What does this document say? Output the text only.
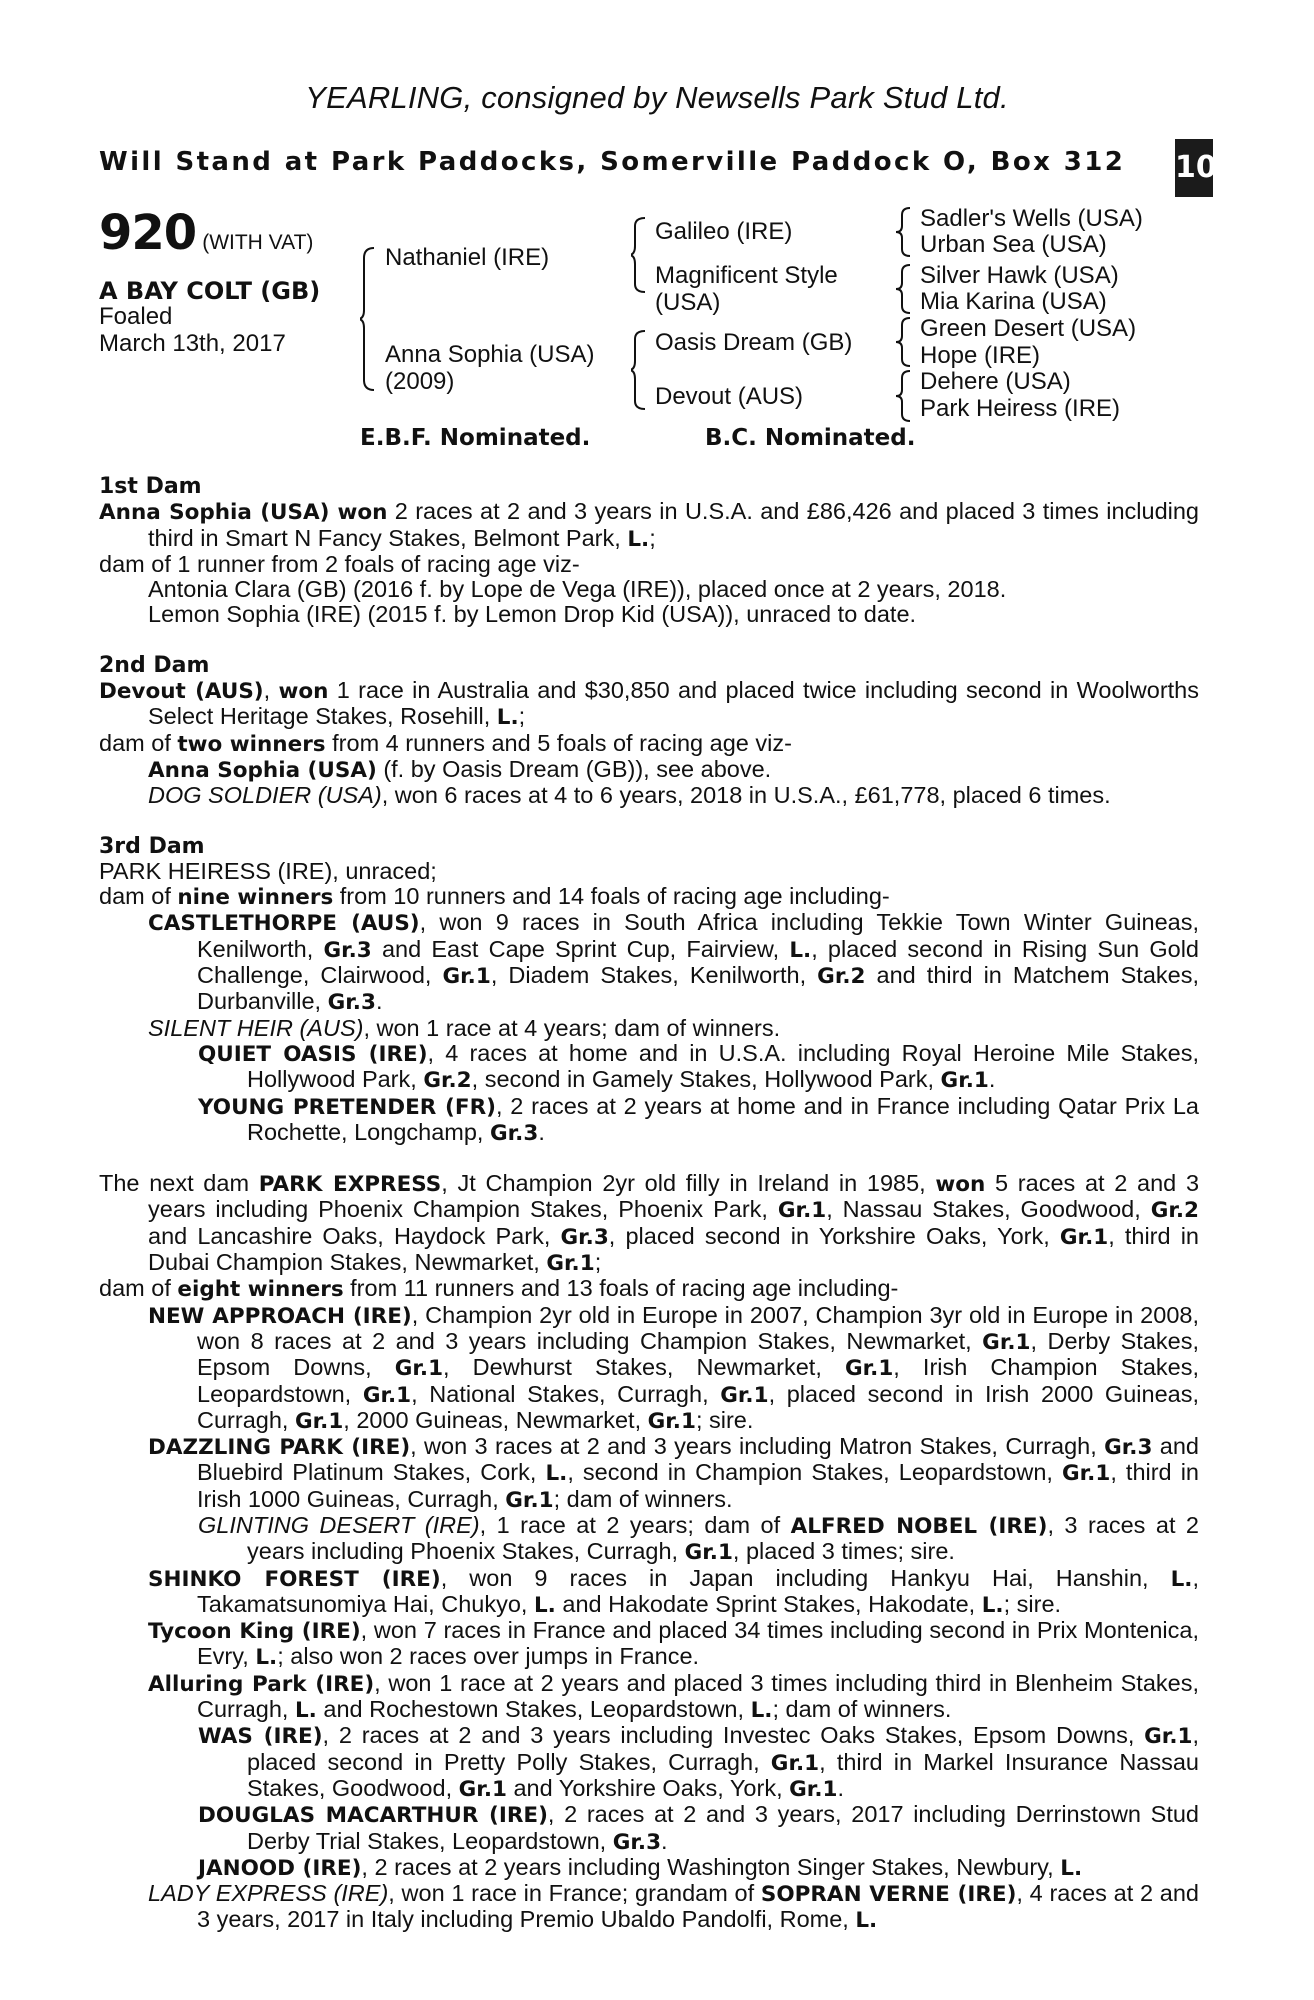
YEARLING, consigned by Newsells Park Stud Ltd.
Will Stand at Park Paddocks, Somerville Paddock O, Box 312
+
10
920 (WITH VAT)
A BAY COLT (GB)
Foaled
March 13th, 2017
Nathaniel (IRE)
Anna Sophia (USA)
(2009)
Galileo (IRE)
Magnificent Style
(USA)
Oasis Dream (GB)
Devout (AUS)
Sadler's Wells (USA)
Urban Sea (USA)
Silver Hawk (USA)
Mia Karina (USA)
Green Desert (USA)
Hope (IRE)
Dehere (USA)
Park Heiress (IRE)
E.B.F. Nominated.	B.C. Nominated.
1st Dam
Anna Sophia (USA) won 2 races at 2 and 3 years in U.S.A. and £86,426 and placed 3 times including third in Smart N Fancy Stakes, Belmont Park, L.;
dam of 1 runner from 2 foals of racing age viz-
Antonia Clara (GB) (2016 f. by Lope de Vega (IRE)), placed once at 2 years, 2018.
Lemon Sophia (IRE) (2015 f. by Lemon Drop Kid (USA)), unraced to date.
2nd Dam
Devout (AUS), won 1 race in Australia and $30,850 and placed twice including second in Woolworths Select Heritage Stakes, Rosehill, L.;
dam of two winners from 4 runners and 5 foals of racing age viz-
Anna Sophia (USA) (f. by Oasis Dream (GB)), see above.
DOG SOLDIER (USA), won 6 races at 4 to 6 years, 2018 in U.S.A., £61,778, placed 6 times.
3rd Dam
PARK HEIRESS (IRE), unraced;
dam of nine winners from 10 runners and 14 foals of racing age including-
CASTLETHORPE (AUS), won 9 races in South Africa including Tekkie Town Winter Guineas, Kenilworth, Gr.3 and East Cape Sprint Cup, Fairview, L., placed second in Rising Sun Gold Challenge, Clairwood, Gr.1, Diadem Stakes, Kenilworth, Gr.2 and third in Matchem Stakes, Durbanville, Gr.3.
SILENT HEIR (AUS), won 1 race at 4 years; dam of winners.
QUIET OASIS (IRE), 4 races at home and in U.S.A. including Royal Heroine Mile Stakes, Hollywood Park, Gr.2, second in Gamely Stakes, Hollywood Park, Gr.1.
YOUNG PRETENDER (FR), 2 races at 2 years at home and in France including Qatar Prix La Rochette, Longchamp, Gr.3.
The next dam PARK EXPRESS, Jt Champion 2yr old filly in Ireland in 1985, won 5 races at 2 and 3 years including Phoenix Champion Stakes, Phoenix Park, Gr.1, Nassau Stakes, Goodwood, Gr.2 and Lancashire Oaks, Haydock Park, Gr.3, placed second in Yorkshire Oaks, York, Gr.1, third in Dubai Champion Stakes, Newmarket, Gr.1;
dam of eight winners from 11 runners and 13 foals of racing age including-
NEW APPROACH (IRE), Champion 2yr old in Europe in 2007, Champion 3yr old in Europe in 2008, won 8 races at 2 and 3 years including Champion Stakes, Newmarket, Gr.1, Derby Stakes, Epsom Downs, Gr.1, Dewhurst Stakes, Newmarket, Gr.1, Irish Champion Stakes, Leopardstown, Gr.1, National Stakes, Curragh, Gr.1, placed second in Irish 2000 Guineas, Curragh, Gr.1, 2000 Guineas, Newmarket, Gr.1; sire.
DAZZLING PARK (IRE), won 3 races at 2 and 3 years including Matron Stakes, Curragh, Gr.3 and Bluebird Platinum Stakes, Cork, L., second in Champion Stakes, Leopardstown, Gr.1, third in Irish 1000 Guineas, Curragh, Gr.1; dam of winners.
GLINTING DESERT (IRE), 1 race at 2 years; dam of ALFRED NOBEL (IRE), 3 races at 2 years including Phoenix Stakes, Curragh, Gr.1, placed 3 times; sire.
SHINKO FOREST (IRE), won 9 races in Japan including Hankyu Hai, Hanshin, L., Takamatsunomiya Hai, Chukyo, L. and Hakodate Sprint Stakes, Hakodate, L.; sire.
Tycoon King (IRE), won 7 races in France and placed 34 times including second in Prix Montenica, Evry, L.; also won 2 races over jumps in France.
Alluring Park (IRE), won 1 race at 2 years and placed 3 times including third in Blenheim Stakes, Curragh, L. and Rochestown Stakes, Leopardstown, L.; dam of winners.
WAS (IRE), 2 races at 2 and 3 years including Investec Oaks Stakes, Epsom Downs, Gr.1, placed second in Pretty Polly Stakes, Curragh, Gr.1, third in Markel Insurance Nassau Stakes, Goodwood, Gr.1 and Yorkshire Oaks, York, Gr.1.
DOUGLAS MACARTHUR (IRE), 2 races at 2 and 3 years, 2017 including Derrinstown Stud Derby Trial Stakes, Leopardstown, Gr.3.
JANOOD (IRE), 2 races at 2 years including Washington Singer Stakes, Newbury, L.
LADY EXPRESS (IRE), won 1 race in France; grandam of SOPRAN VERNE (IRE), 4 races at 2 and 3 years, 2017 in Italy including Premio Ubaldo Pandolfi, Rome, L.
